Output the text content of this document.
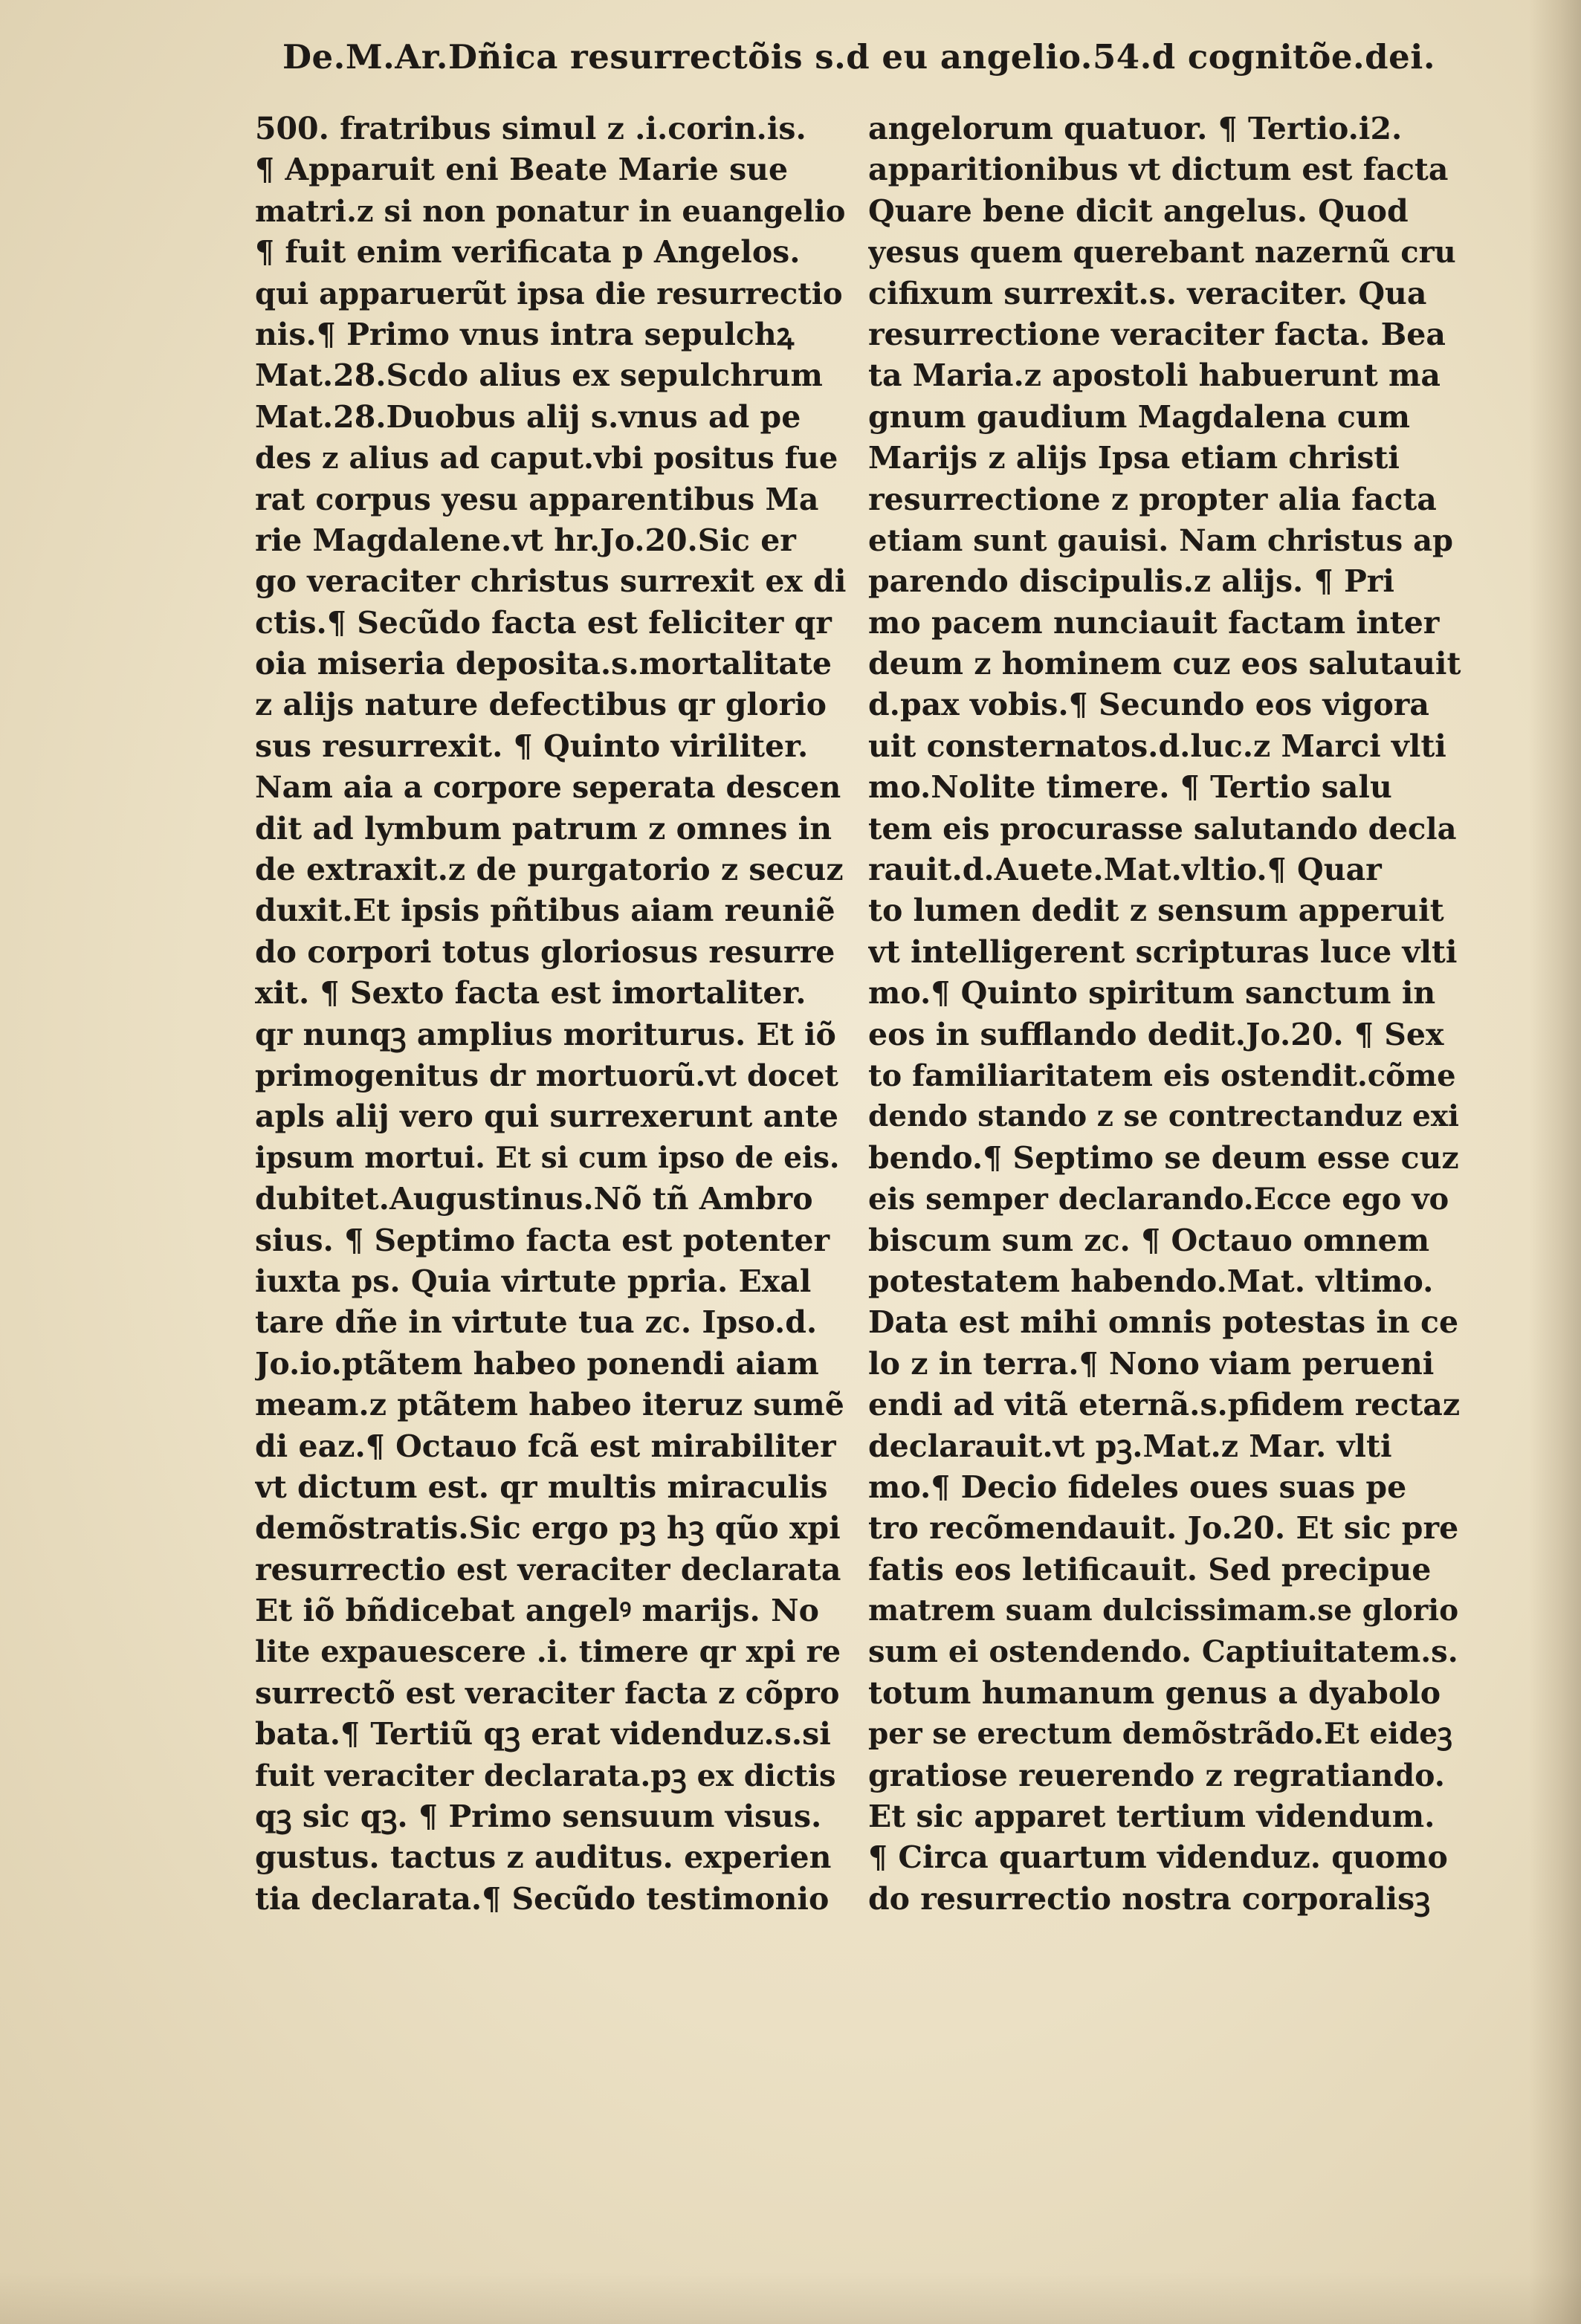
De.M.Ar.Dñica resurrectõis s.d eu angelio.54.d cognitõe.dei.
500. fratribus simul z .i.corin.is.
¶ Apparuit eni Beate Marie sue
matri.z si non ponatur in euangelio
¶ fuit enim verificata p Angelos.
qui apparuerũt ipsa die resurrectio
nis.¶ Primo vnus intra sepulchꝝ
Mat.28.Scdo alius ex sepulchrum
Mat.28.Duobus alij s.vnus ad pe
des z alius ad caput.vbi positus fue
rat corpus yesu apparentibus Ma
rie Magdalene.vt hr.Jo.20.Sic er
go veraciter christus surrexit ex di
ctis.¶ Secũdo facta est feliciter qr
oia miseria deposita.s.mortalitate
z alijs nature defectibus qr glorio
sus resurrexit. ¶ Quinto viriliter.
Nam aia a corpore seperata descen
dit ad lymbum patrum z omnes in
de extraxit.z de purgatorio z secuz
duxit.Et ipsis pñtibus aiam reuniẽ
do corpori totus gloriosus resurre
xit. ¶ Sexto facta est imortaliter.
qr nunqꝫ amplius moriturus. Et iõ
primogenitus dr mortuorũ.vt docet
apls alij vero qui surrexerunt ante
ipsum mortui. Et si cum ipso de eis.
dubitet.Augustinus.Nõ tñ Ambro
sius. ¶ Septimo facta est potenter
iuxta ps. Quia virtute ppria. Exal
tare dñe in virtute tua zc. Ipso.d.
Jo.io.ptãtem habeo ponendi aiam
meam.z ptãtem habeo iteruz sumẽ
di eaz.¶ Octauo fcã est mirabiliter
vt dictum est. qr multis miraculis
demõstratis.Sic ergo pꝫ hꝫ qũo xpi
resurrectio est veraciter declarata
Et iõ bñdicebat angelꝰ marijs. No
lite expauescere .i. timere qr xpi re
surrectõ est veraciter facta z cõpro
bata.¶ Tertiũ qꝫ erat videnduz.s.si
fuit veraciter declarata.pꝫ ex dictis
qꝫ sic qꝫ. ¶ Primo sensuum visus.
gustus. tactus z auditus. experien
tia declarata.¶ Secũdo testimonio
angelorum quatuor. ¶ Tertio.i2.
apparitionibus vt dictum est facta
Quare bene dicit angelus. Quod
yesus quem querebant nazernũ cru
cifixum surrexit.s. veraciter. Qua
resurrectione veraciter facta. Bea
ta Maria.z apostoli habuerunt ma
gnum gaudium Magdalena cum
Marijs z alijs Ipsa etiam christi
resurrectione z propter alia facta
etiam sunt gauisi. Nam christus ap
parendo discipulis.z alijs. ¶ Pri
mo pacem nunciauit factam inter
deum z hominem cuz eos salutauit
d.pax vobis.¶ Secundo eos vigora
uit consternatos.d.luc.z Marci vlti
mo.Nolite timere. ¶ Tertio salu
tem eis procurasse salutando decla
rauit.d.Auete.Mat.vltio.¶ Quar
to lumen dedit z sensum apperuit
vt intelligerent scripturas luce vlti
mo.¶ Quinto spiritum sanctum in
eos in sufflando dedit.Jo.20. ¶ Sex
to familiaritatem eis ostendit.cõme
dendo stando z se contrectanduz exi
bendo.¶ Septimo se deum esse cuz
eis semper declarando.Ecce ego vo
biscum sum zc. ¶ Octauo omnem
potestatem habendo.Mat. vltimo.
Data est mihi omnis potestas in ce
lo z in terra.¶ Nono viam perueni
endi ad vitã eternã.s.pfidem rectaz
declarauit.vt pꝫ.Mat.z Mar. vlti
mo.¶ Decio fideles oues suas pe
tro recõmendauit. Jo.20. Et sic pre
fatis eos letificauit. Sed precipue
matrem suam dulcissimam.se glorio
sum ei ostendendo. Captiuitatem.s.
totum humanum genus a dyabolo
per se erectum demõstrãdo.Et eideꝫ
gratiose reuerendo z regratiando.
Et sic apparet tertium videndum.
¶ Circa quartum videnduz. quomo
do resurrectio nostra corporalisꝫ
